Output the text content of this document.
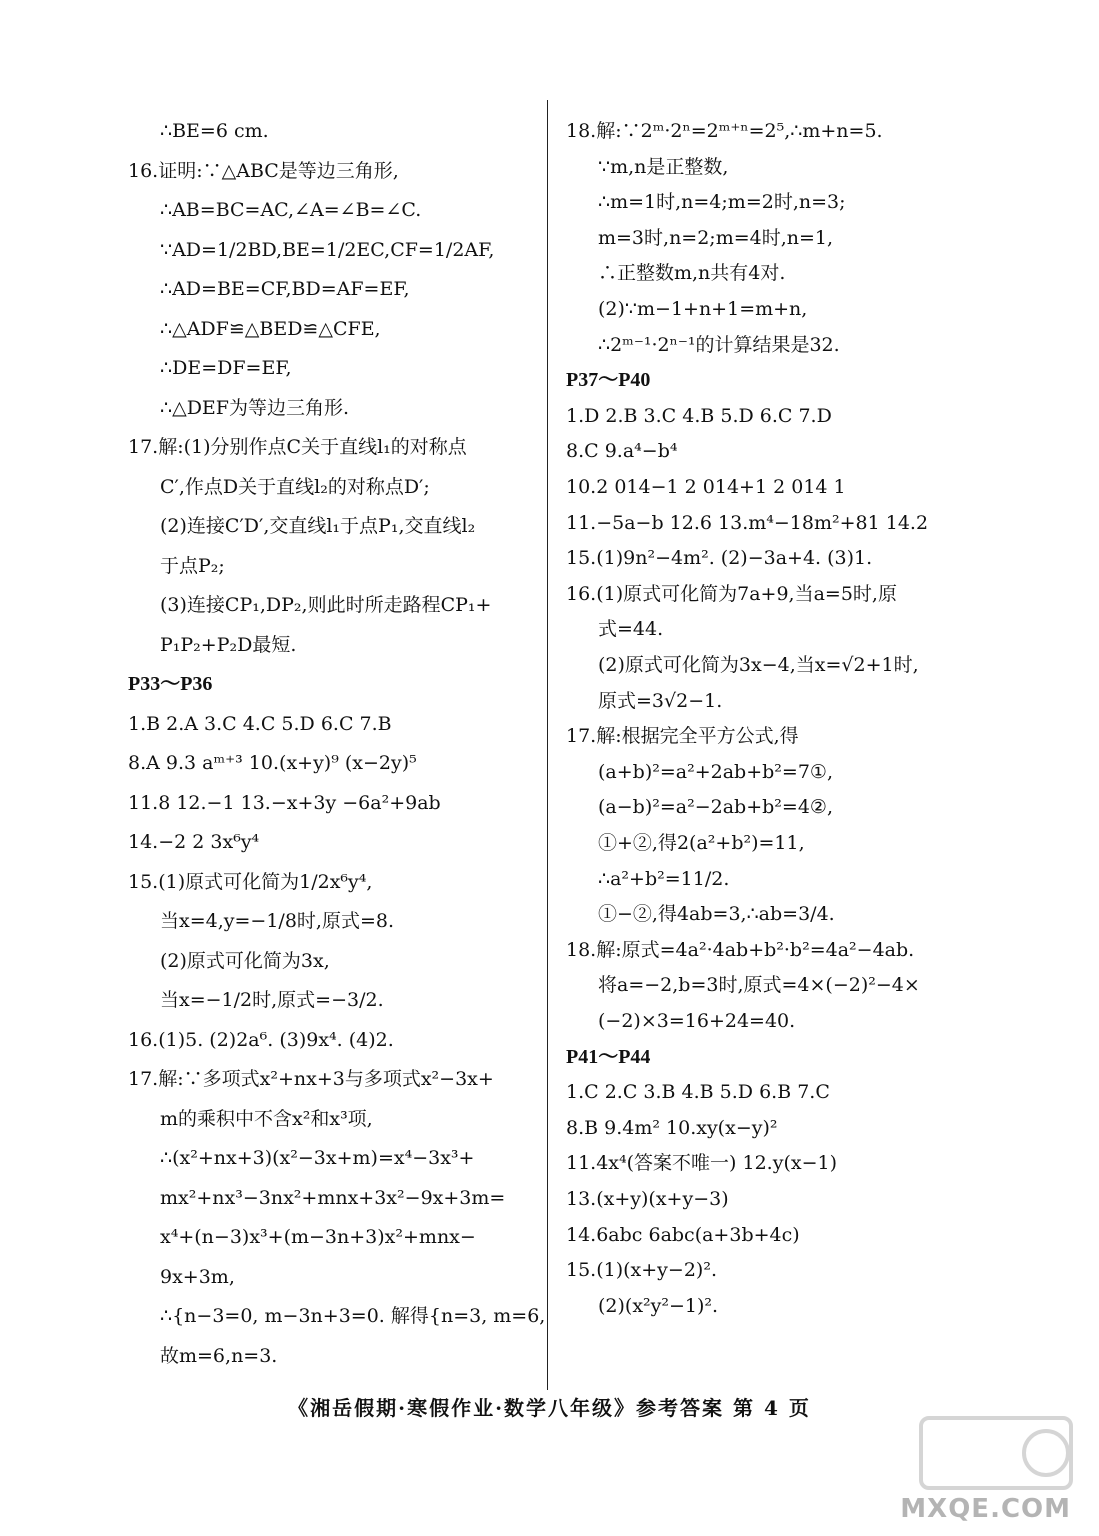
∴BE=6 cm.
16.证明:∵△ABC是等边三角形,
∴AB=BC=AC,∠A=∠B=∠C.
∵AD=1/2BD,BE=1/2EC,CF=1/2AF,
∴AD=BE=CF,BD=AF=EF,
∴△ADF≌△BED≌△CFE,
∴DE=DF=EF,
∴△DEF为等边三角形.
17.解:(1)分别作点C关于直线l₁的对称点
C′,作点D关于直线l₂的对称点D′;
(2)连接C′D′,交直线l₁于点P₁,交直线l₂
于点P₂;
(3)连接CP₁,DP₂,则此时所走路程CP₁+
P₁P₂+P₂D最短.
P33～P36
1.B 2.A 3.C 4.C 5.D 6.C 7.B
8.A 9.3 aᵐ⁺³ 10.(x+y)⁹ (x−2y)⁵
11.8 12.−1 13.−x+3y −6a²+9ab
14.−2 2 3x⁶y⁴
15.(1)原式可化简为1/2x⁶y⁴,
当x=4,y=−1/8时,原式=8.
(2)原式可化简为3x,
当x=−1/2时,原式=−3/2.
16.(1)5. (2)2a⁶. (3)9x⁴. (4)2.
17.解:∵多项式x²+nx+3与多项式x²−3x+
m的乘积中不含x²和x³项,
∴(x²+nx+3)(x²−3x+m)=x⁴−3x³+
mx²+nx³−3nx²+mnx+3x²−9x+3m=
x⁴+(n−3)x³+(m−3n+3)x²+mnx−
9x+3m,
∴{n−3=0, m−3n+3=0. 解得{n=3, m=6,
故m=6,n=3.
18.解:∵2ᵐ·2ⁿ=2ᵐ⁺ⁿ=2⁵,∴m+n=5.
∵m,n是正整数,
∴m=1时,n=4;m=2时,n=3;
m=3时,n=2;m=4时,n=1,
∴正整数m,n共有4对.
(2)∵m−1+n+1=m+n,
∴2ᵐ⁻¹·2ⁿ⁻¹的计算结果是32.
P37～P40
1.D 2.B 3.C 4.B 5.D 6.C 7.D
8.C 9.a⁴−b⁴
10.2 014−1 2 014+1 2 014 1
11.−5a−b 12.6 13.m⁴−18m²+81 14.2
15.(1)9n²−4m². (2)−3a+4. (3)1.
16.(1)原式可化简为7a+9,当a=5时,原
式=44.
(2)原式可化简为3x−4,当x=√2+1时,
原式=3√2−1.
17.解:根据完全平方公式,得
(a+b)²=a²+2ab+b²=7①,
(a−b)²=a²−2ab+b²=4②,
①+②,得2(a²+b²)=11,
∴a²+b²=11/2.
①−②,得4ab=3,∴ab=3/4.
18.解:原式=4a²·4ab+b²·b²=4a²−4ab.
将a=−2,b=3时,原式=4×(−2)²−4×
(−2)×3=16+24=40.
P41～P44
1.C 2.C 3.B 4.B 5.D 6.B 7.C
8.B 9.4m² 10.xy(x−y)²
11.4x⁴(答案不唯一) 12.y(x−1)
13.(x+y)(x+y−3)
14.6abc 6abc(a+3b+4c)
15.(1)(x+y−2)².
(2)(x²y²−1)².
《湘岳假期·寒假作业·数学八年级》参考答案 第 4 页
MXQE.COM
